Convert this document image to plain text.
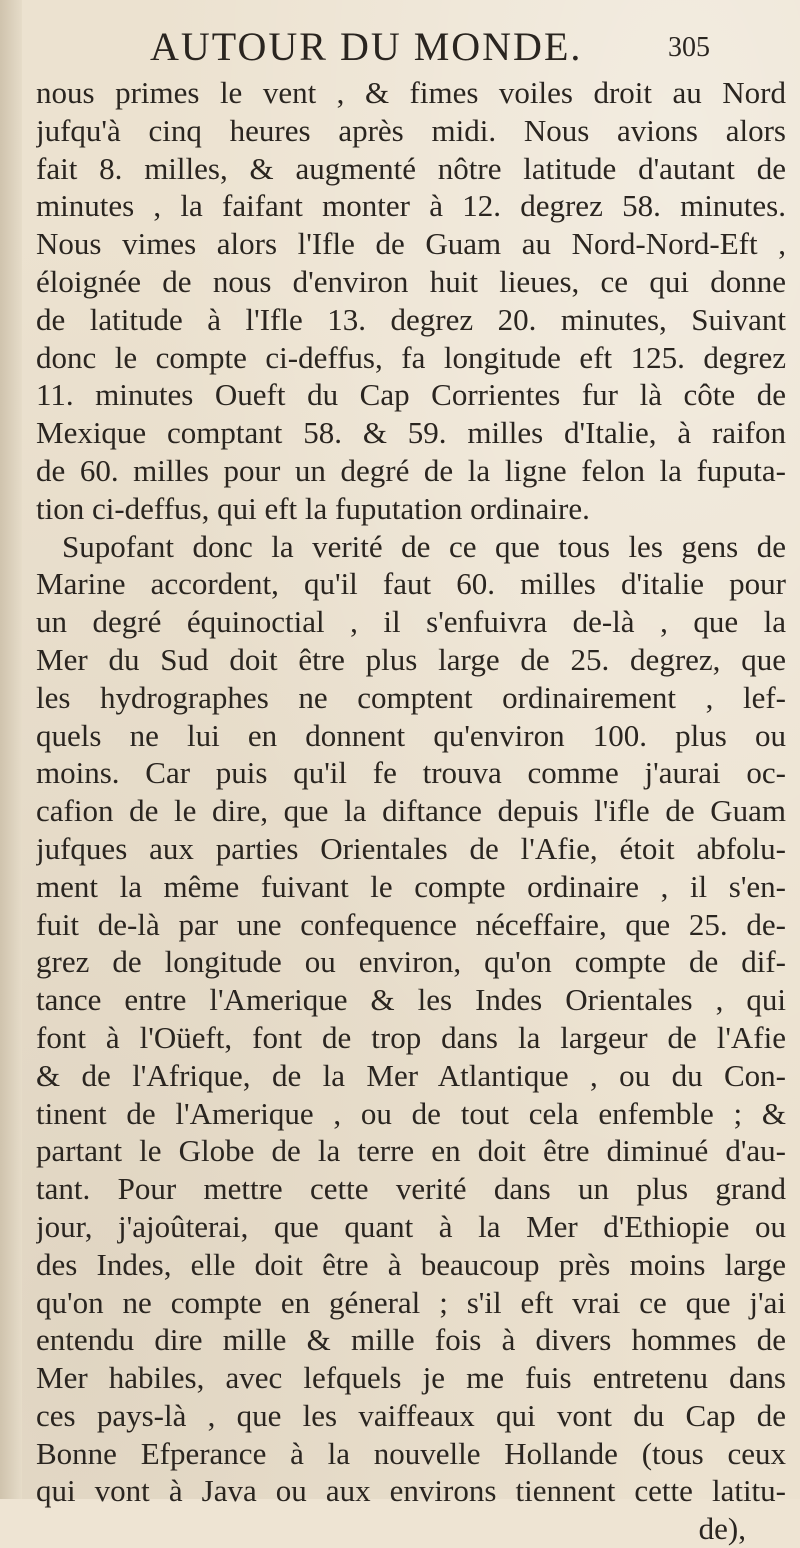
AUTOUR DU MONDE.	305

nous primes le vent , & fimes voiles droit au Nord
jufqu'à cinq heures après midi. Nous avions alors
fait 8. milles, & augmenté nôtre latitude d'autant de
minutes , la faifant monter à 12. degrez 58. minutes.
Nous vimes alors l'Ifle de Guam au Nord-Nord-Eft ,
éloignée de nous d'environ huit lieues, ce qui donne
de latitude à l'Ifle 13. degrez 20. minutes, Suivant
donc le compte ci-deffus, fa longitude eft 125. degrez
11. minutes Oueft du Cap Corrientes fur là côte de
Mexique comptant 58. & 59. milles d'Italie, à raifon
de 60. milles pour un degré de la ligne felon la fuputa-
tion ci-deffus, qui eft la fuputation ordinaire.

Supofant donc la verité de ce que tous les gens de
Marine accordent, qu'il faut 60. milles d'italie pour
un degré équinoctial , il s'enfuivra de-là , que la
Mer du Sud doit être plus large de 25. degrez, que
les hydrographes ne comptent ordinairement , lef-
quels ne lui en donnent qu'environ 100. plus ou
moins. Car puis qu'il fe trouva comme j'aurai oc-
cafion de le dire, que la diftance depuis l'ifle de Guam
jufques aux parties Orientales de l'Afie, étoit abfolu-
ment la même fuivant le compte ordinaire , il s'en-
fuit de-là par une confequence néceffaire, que 25. de-
grez de longitude ou environ, qu'on compte de dif-
tance entre l'Amerique & les Indes Orientales , qui
font à l'Oüeft, font de trop dans la largeur de l'Afie
& de l'Afrique, de la Mer Atlantique , ou du Con-
tinent de l'Amerique , ou de tout cela enfemble ; &
partant le Globe de la terre en doit être diminué d'au-
tant. Pour mettre cette verité dans un plus grand
jour, j'ajoûterai, que quant à la Mer d'Ethiopie ou
des Indes, elle doit être à beaucoup près moins large
qu'on ne compte en géneral ; s'il eft vrai ce que j'ai
entendu dire mille & mille fois à divers hommes de
Mer habiles, avec lefquels je me fuis entretenu dans
ces pays-là , que les vaiffeaux qui vont du Cap de
Bonne Efperance à la nouvelle Hollande (tous ceux
qui vont à Java ou aux environs tiennent cette latitu-
de),
